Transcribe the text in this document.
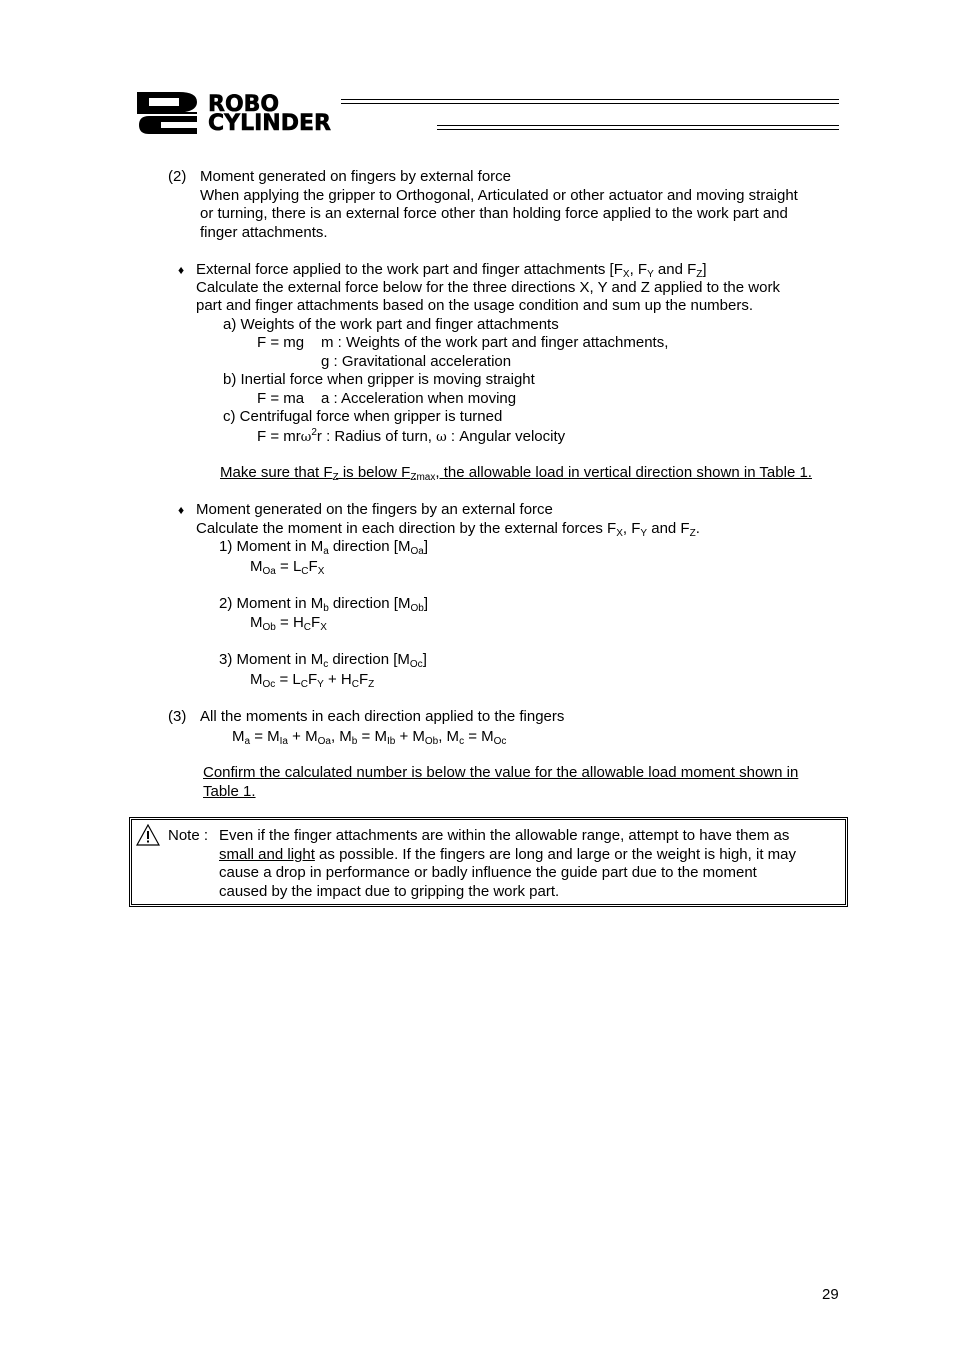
ROBO
CYLINDER
(2) Moment generated on fingers by external force
When applying the gripper to Orthogonal, Articulated or other actuator and moving straight
or turning, there is an external force other than holding force applied to the work part and
finger attachments.
♦ External force applied to the work part and finger attachments [$F_X$, $F_Y$ and $F_Z$]
Calculate the external force below for the three directions X, Y and Z applied to the work
part and finger attachments based on the usage condition and sum up the numbers.
a) Weights of the work part and finger attachments
F = mg m : Weights of the work part and finger attachments,
g : Gravitational acceleration
b) Inertial force when gripper is moving straight
F = ma a : Acceleration when moving
c) Centrifugal force when gripper is turned
F = mrω$^2$r : Radius of turn, ω : Angular velocity
Make sure that $F_Z$ is below $F_{Zmax}$, the allowable load in vertical direction shown in Table 1.
♦ Moment generated on the fingers by an external force
Calculate the moment in each direction by the external forces $F_X$, $F_Y$ and $F_Z$.
1) Moment in $M_a$ direction $[M_{Oa}]$
$M_{Oa} = L_CF_X$
2) Moment in $M_b$ direction $[M_{Ob}]$
$M_{Ob} = H_CF_X$
3) Moment in $M_c$ direction $[M_{Oc}]$
$M_{Oc} = L_CF_Y + H_CF_Z$
(3) All the moments in each direction applied to the fingers
$M_a = M_{Ia} + M_{Oa}$, $M_b = M_{Ib} + M_{Ob}$, $M_c = M_{Oc}$
Confirm the calculated number is below the value for the allowable load moment shown in
Table 1.
Note : Even if the finger attachments are within the allowable range, attempt to have them as
small and light as possible. If the fingers are long and large or the weight is high, it may
cause a drop in performance or badly influence the guide part due to the moment
caused by the impact due to gripping the work part.
29
